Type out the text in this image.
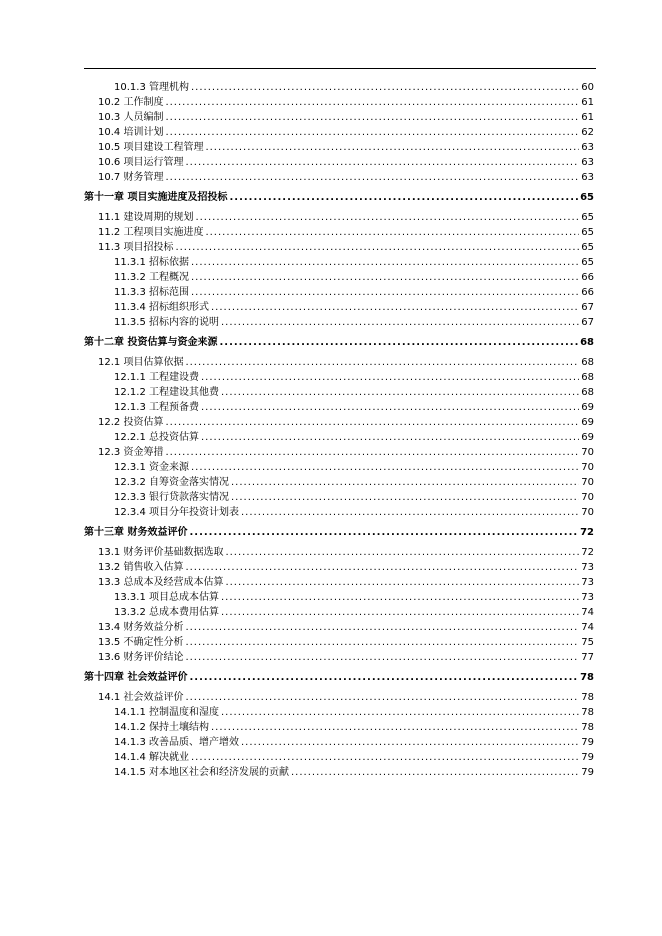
10.1.3 管理机构 .....	60
10.2 工作制度 .....	61
10.3 人员编制 .....	61
10.4 培训计划 .....	62
10.5 项目建设工程管理 .....	63
10.6 项目运行管理 .....	63
10.7 财务管理 .....	63
第十一章 项目实施进度及招投标 .....	65
11.1 建设周期的规划 .....	65
11.2 工程项目实施进度 .....	65
11.3 项目招投标 .....	65
11.3.1 招标依据 .....	65
11.3.2 工程概况 .....	66
11.3.3 招标范围 .....	66
11.3.4 招标组织形式 .....	67
11.3.5 招标内容的说明 .....	67
第十二章 投资估算与资金来源 .....	68
12.1 项目估算依据 .....	68
12.1.1 工程建设费 .....	68
12.1.2 工程建设其他费 .....	68
12.1.3 工程预备费 .....	69
12.2 投资估算 .....	69
12.2.1 总投资估算 .....	69
12.3 资金筹措 .....	70
12.3.1 资金来源 .....	70
12.3.2 自筹资金落实情况 .....	70
12.3.3 银行贷款落实情况 .....	70
12.3.4 项目分年投资计划表 .....	70
第十三章 财务效益评价 .....	72
13.1 财务评价基础数据选取 .....	72
13.2 销售收入估算 .....	73
13.3 总成本及经营成本估算 .....	73
13.3.1 项目总成本估算 .....	73
13.3.2 总成本费用估算 .....	74
13.4 财务效益分析 .....	74
13.5 不确定性分析 .....	75
13.6 财务评价结论 .....	77
第十四章 社会效益评价 .....	78
14.1 社会效益评价 .....	78
14.1.1 控制温度和湿度 .....	78
14.1.2 保持土壤结构 .....	78
14.1.3 改善品质、增产增效 .....	79
14.1.4 解决就业 .....	79
14.1.5 对本地区社会和经济发展的贡献 .....	79
